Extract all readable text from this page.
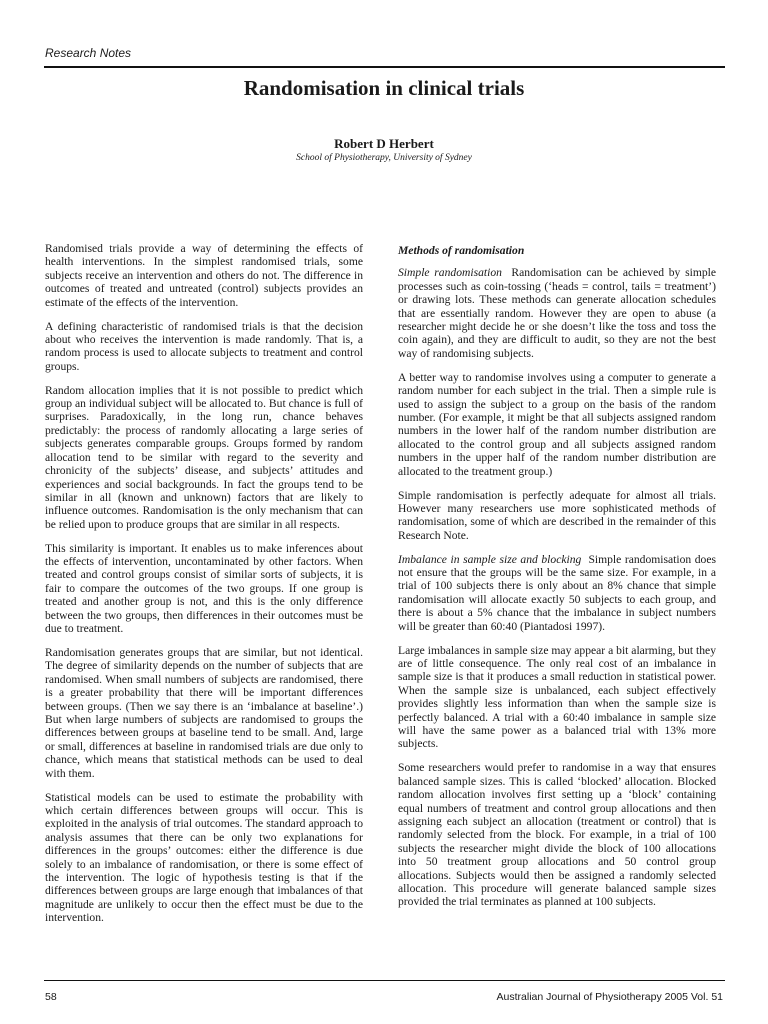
Research Notes
Randomisation in clinical trials
Robert D Herbert
School of Physiotherapy, University of Sydney

Randomised trials provide a way of determining the effects of health interventions. In the simplest randomised trials, some subjects receive an intervention and others do not. The difference in outcomes of treated and untreated (control) subjects provides an estimate of the effects of the intervention.

A defining characteristic of randomised trials is that the decision about who receives the intervention is made randomly. That is, a random process is used to allocate subjects to treatment and control groups.

Random allocation implies that it is not possible to predict which group an individual subject will be allocated to. But chance is full of surprises. Paradoxically, in the long run, chance behaves predictably: the process of randomly allocating a large series of subjects generates comparable groups. Groups formed by random allocation tend to be similar with regard to the severity and chronicity of the subjects’ disease, and subjects’ attitudes and experiences and social backgrounds. In fact the groups tend to be similar in all (known and unknown) factors that are likely to influence outcomes. Randomisation is the only mechanism that can be relied upon to produce groups that are similar in all respects.

This similarity is important. It enables us to make inferences about the effects of intervention, uncontaminated by other factors. When treated and control groups consist of similar sorts of subjects, it is fair to compare the outcomes of the two groups. If one group is treated and another group is not, and this is the only difference between the two groups, then differences in their outcomes must be due to treatment.

Randomisation generates groups that are similar, but not identical. The degree of similarity depends on the number of subjects that are randomised. When small numbers of subjects are randomised, there is a greater probability that there will be important differences between groups. (Then we say there is an ‘imbalance at baseline’.) But when large numbers of subjects are randomised to groups the differences between groups at baseline tend to be small. And, large or small, differences at baseline in randomised trials are due only to chance, which means that statistical methods can be used to deal with them.

Statistical models can be used to estimate the probability with which certain differences between groups will occur. This is exploited in the analysis of trial outcomes. The standard approach to analysis assumes that there can be only two explanations for differences in the groups’ outcomes: either the difference is due solely to an imbalance of randomisation, or there is some effect of the intervention. The logic of hypothesis testing is that if the differences between groups are large enough that imbalances of that magnitude are unlikely to occur then the effect must be due to the intervention.

Methods of randomisation

Simple randomisation Randomisation can be achieved by simple processes such as coin-tossing (‘heads = control, tails = treatment’) or drawing lots. These methods can generate allocation schedules that are essentially random. However they are open to abuse (a researcher might decide he or she doesn’t like the toss and toss the coin again), and they are difficult to audit, so they are not the best way of randomising subjects.

A better way to randomise involves using a computer to generate a random number for each subject in the trial. Then a simple rule is used to assign the subject to a group on the basis of the random number. (For example, it might be that all subjects assigned random numbers in the lower half of the random number distribution are allocated to the control group and all subjects assigned random numbers in the upper half of the random number distribution are allocated to the treatment group.)

Simple randomisation is perfectly adequate for almost all trials. However many researchers use more sophisticated methods of randomisation, some of which are described in the remainder of this Research Note.

Imbalance in sample size and blocking Simple randomisation does not ensure that the groups will be the same size. For example, in a trial of 100 subjects there is only about an 8% chance that simple randomisation will allocate exactly 50 subjects to each group, and there is about a 5% chance that the imbalance in subject numbers will be greater than 60:40 (Piantadosi 1997).

Large imbalances in sample size may appear a bit alarming, but they are of little consequence. The only real cost of an imbalance in sample size is that it produces a small reduction in statistical power. When the sample size is unbalanced, each subject effectively provides slightly less information than when the sample size is perfectly balanced. A trial with a 60:40 imbalance in sample size will have the same power as a balanced trial with 13% more subjects.

Some researchers would prefer to randomise in a way that ensures balanced sample sizes. This is called ‘blocked’ allocation. Blocked random allocation involves first setting up a ‘block’ containing equal numbers of treatment and control group allocations and then assigning each subject an allocation (treatment or control) that is randomly selected from the block. For example, in a trial of 100 subjects the researcher might divide the block of 100 allocations into 50 treatment group allocations and 50 control group allocations. Subjects would then be assigned a randomly selected allocation. This procedure will generate balanced sample sizes provided the trial terminates as planned at 100 subjects.

58	Australian Journal of Physiotherapy 2005 Vol. 51
